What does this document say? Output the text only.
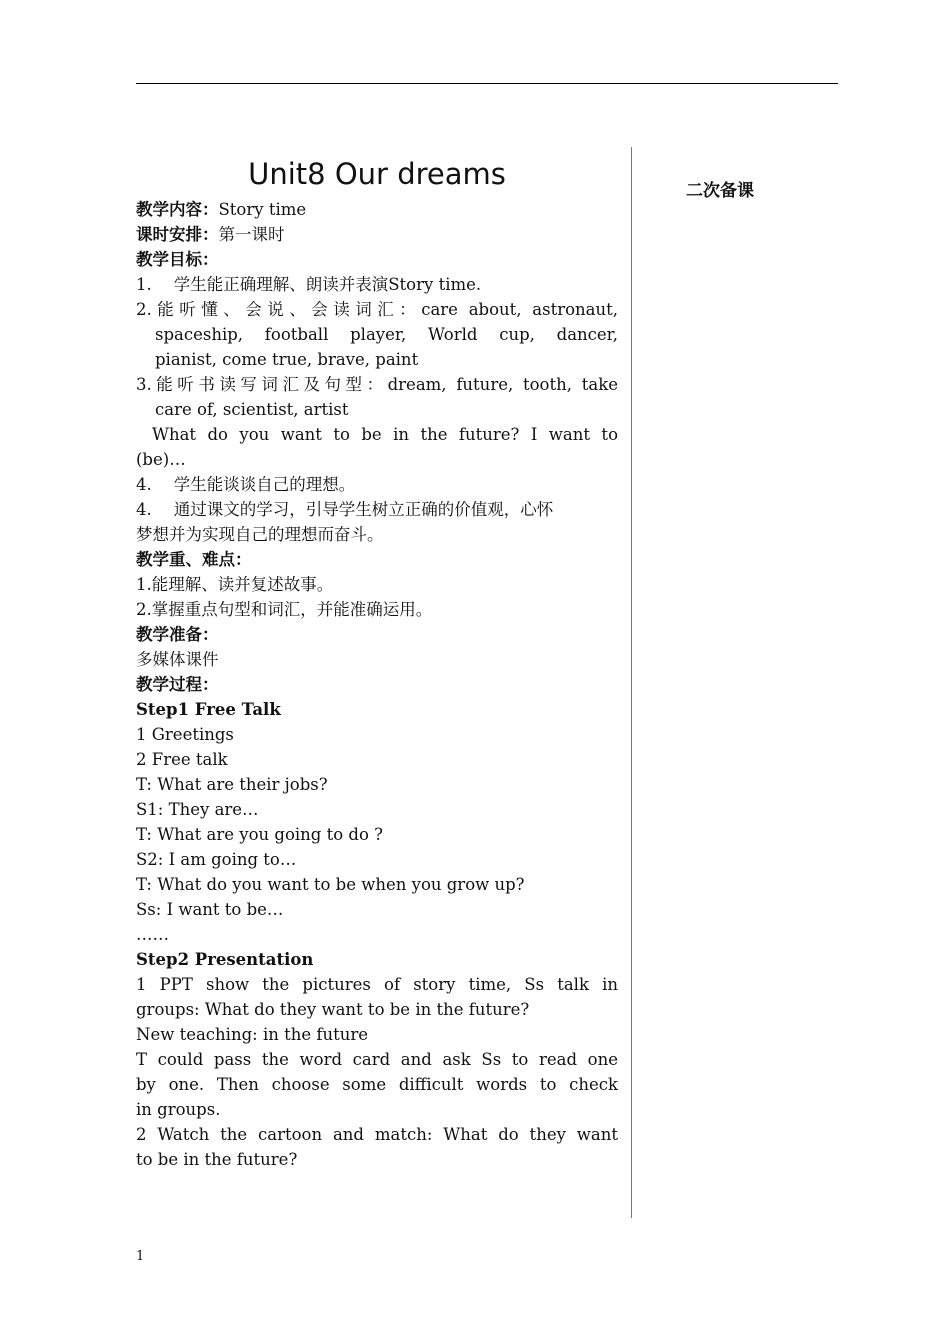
二次备课
Unit8 Our dreams
教学内容：Story time
课时安排：第一课时
教学目标：
1. 学生能正确理解、朗读并表演Story time.
2.能听懂、会说、会读词汇：care about, astronaut,
spaceship, football player, World cup, dancer,
pianist, come true, brave, paint
3.能听书读写词汇及句型：dream, future, tooth, take
care of, scientist, artist
What do you want to be in the future? I want to
(be)…
4. 学生能谈谈自己的理想。
4. 通过课文的学习，引导学生树立正确的价值观，心怀
梦想并为实现自己的理想而奋斗。
教学重、难点：
1.能理解、读并复述故事。
2.掌握重点句型和词汇，并能准确运用。
教学准备：
多媒体课件
教学过程：
Step1 Free Talk
1 Greetings
2 Free talk
T: What are their jobs?
S1: They are…
T: What are you going to do ?
S2: I am going to…
T: What do you want to be when you grow up?
Ss: I want to be…
……
Step2 Presentation
1 PPT show the pictures of story time, Ss talk in
groups: What do they want to be in the future?
New teaching: in the future
T could pass the word card and ask Ss to read one
by one. Then choose some difficult words to check
in groups.
2 Watch the cartoon and match: What do they want
to be in the future?
1
